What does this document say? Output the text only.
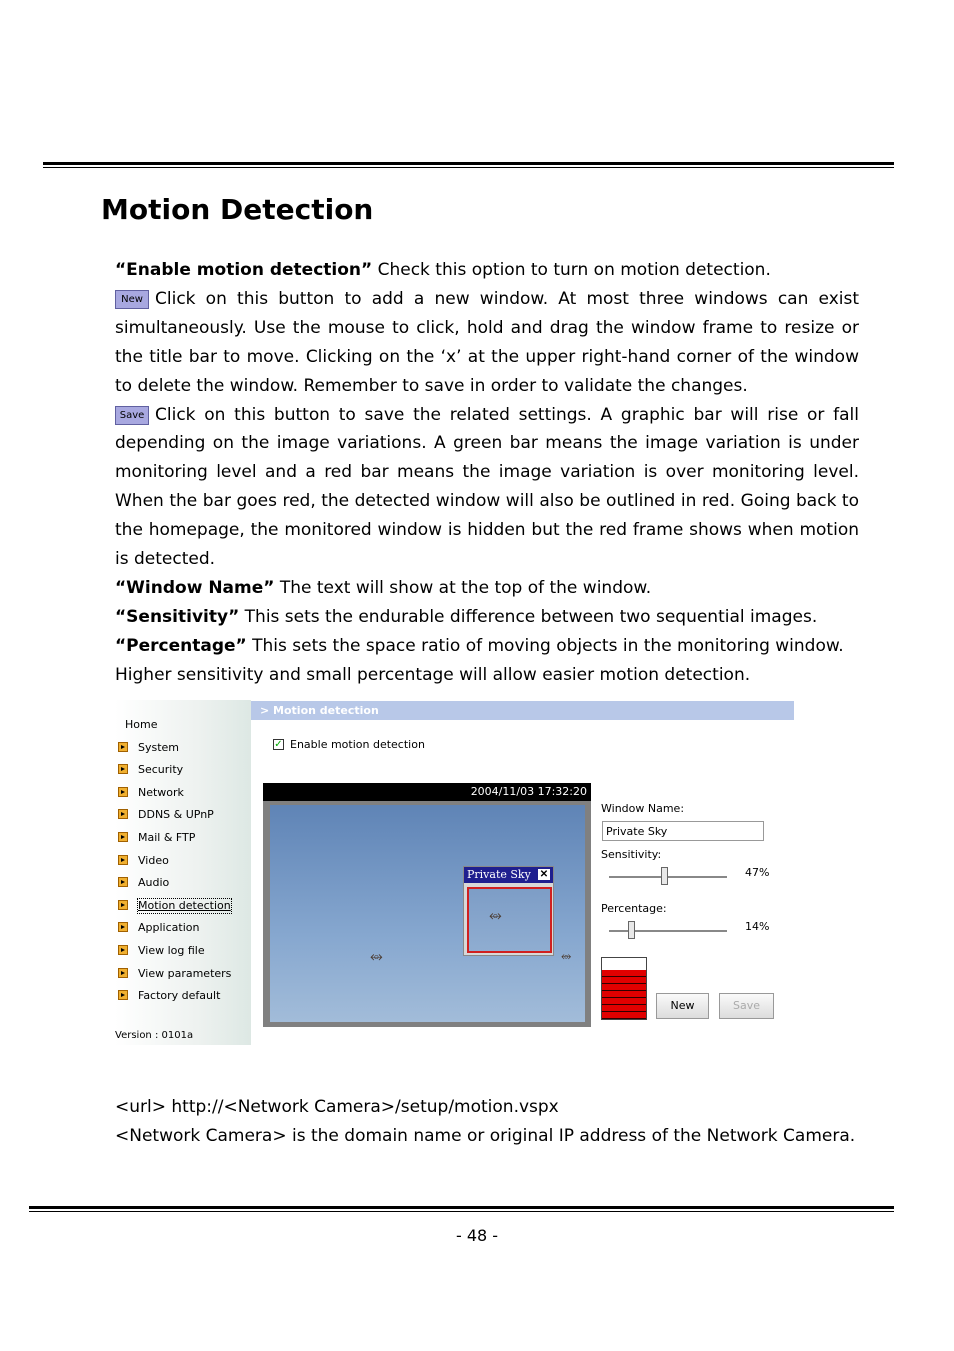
Motion Detection

“Enable motion detection” Check this option to turn on motion detection.

New Click on this button to add a new window. At most three windows can exist simultaneously. Use the mouse to click, hold and drag the window frame to resize or the title bar to move. Clicking on the ‘x’ at the upper right-hand corner of the window to delete the window. Remember to save in order to validate the changes.

Save Click on this button to save the related settings. A graphic bar will rise or fall depending on the image variations. A green bar means the image variation is under monitoring level and a red bar means the image variation is over monitoring level. When the bar goes red, the detected window will also be outlined in red. Going back to the homepage, the monitored window is hidden but the red frame shows when motion is detected.

“Window Name” The text will show at the top of the window.

“Sensitivity” This sets the endurable difference between two sequential images.

“Percentage” This sets the space ratio of moving objects in the monitoring window.

Higher sensitivity and small percentage will allow easier motion detection.

Home
System
Security
Network
DDNS & UPnP
Mail & FTP
Video
Audio
Motion detection
Application
View log file
View parameters
Factory default
Version : 0101a
> Motion detection
✓ Enable motion detection
2004/11/03 17:32:20
⥈	⥈
Private Sky ✕
⥈
Window Name:
Private Sky
Sensitivity:
47%
Percentage:
14%
New	Save

<url> http://<Network Camera>/setup/motion.vspx

<Network Camera> is the domain name or original IP address of the Network Camera.

- 48 -
